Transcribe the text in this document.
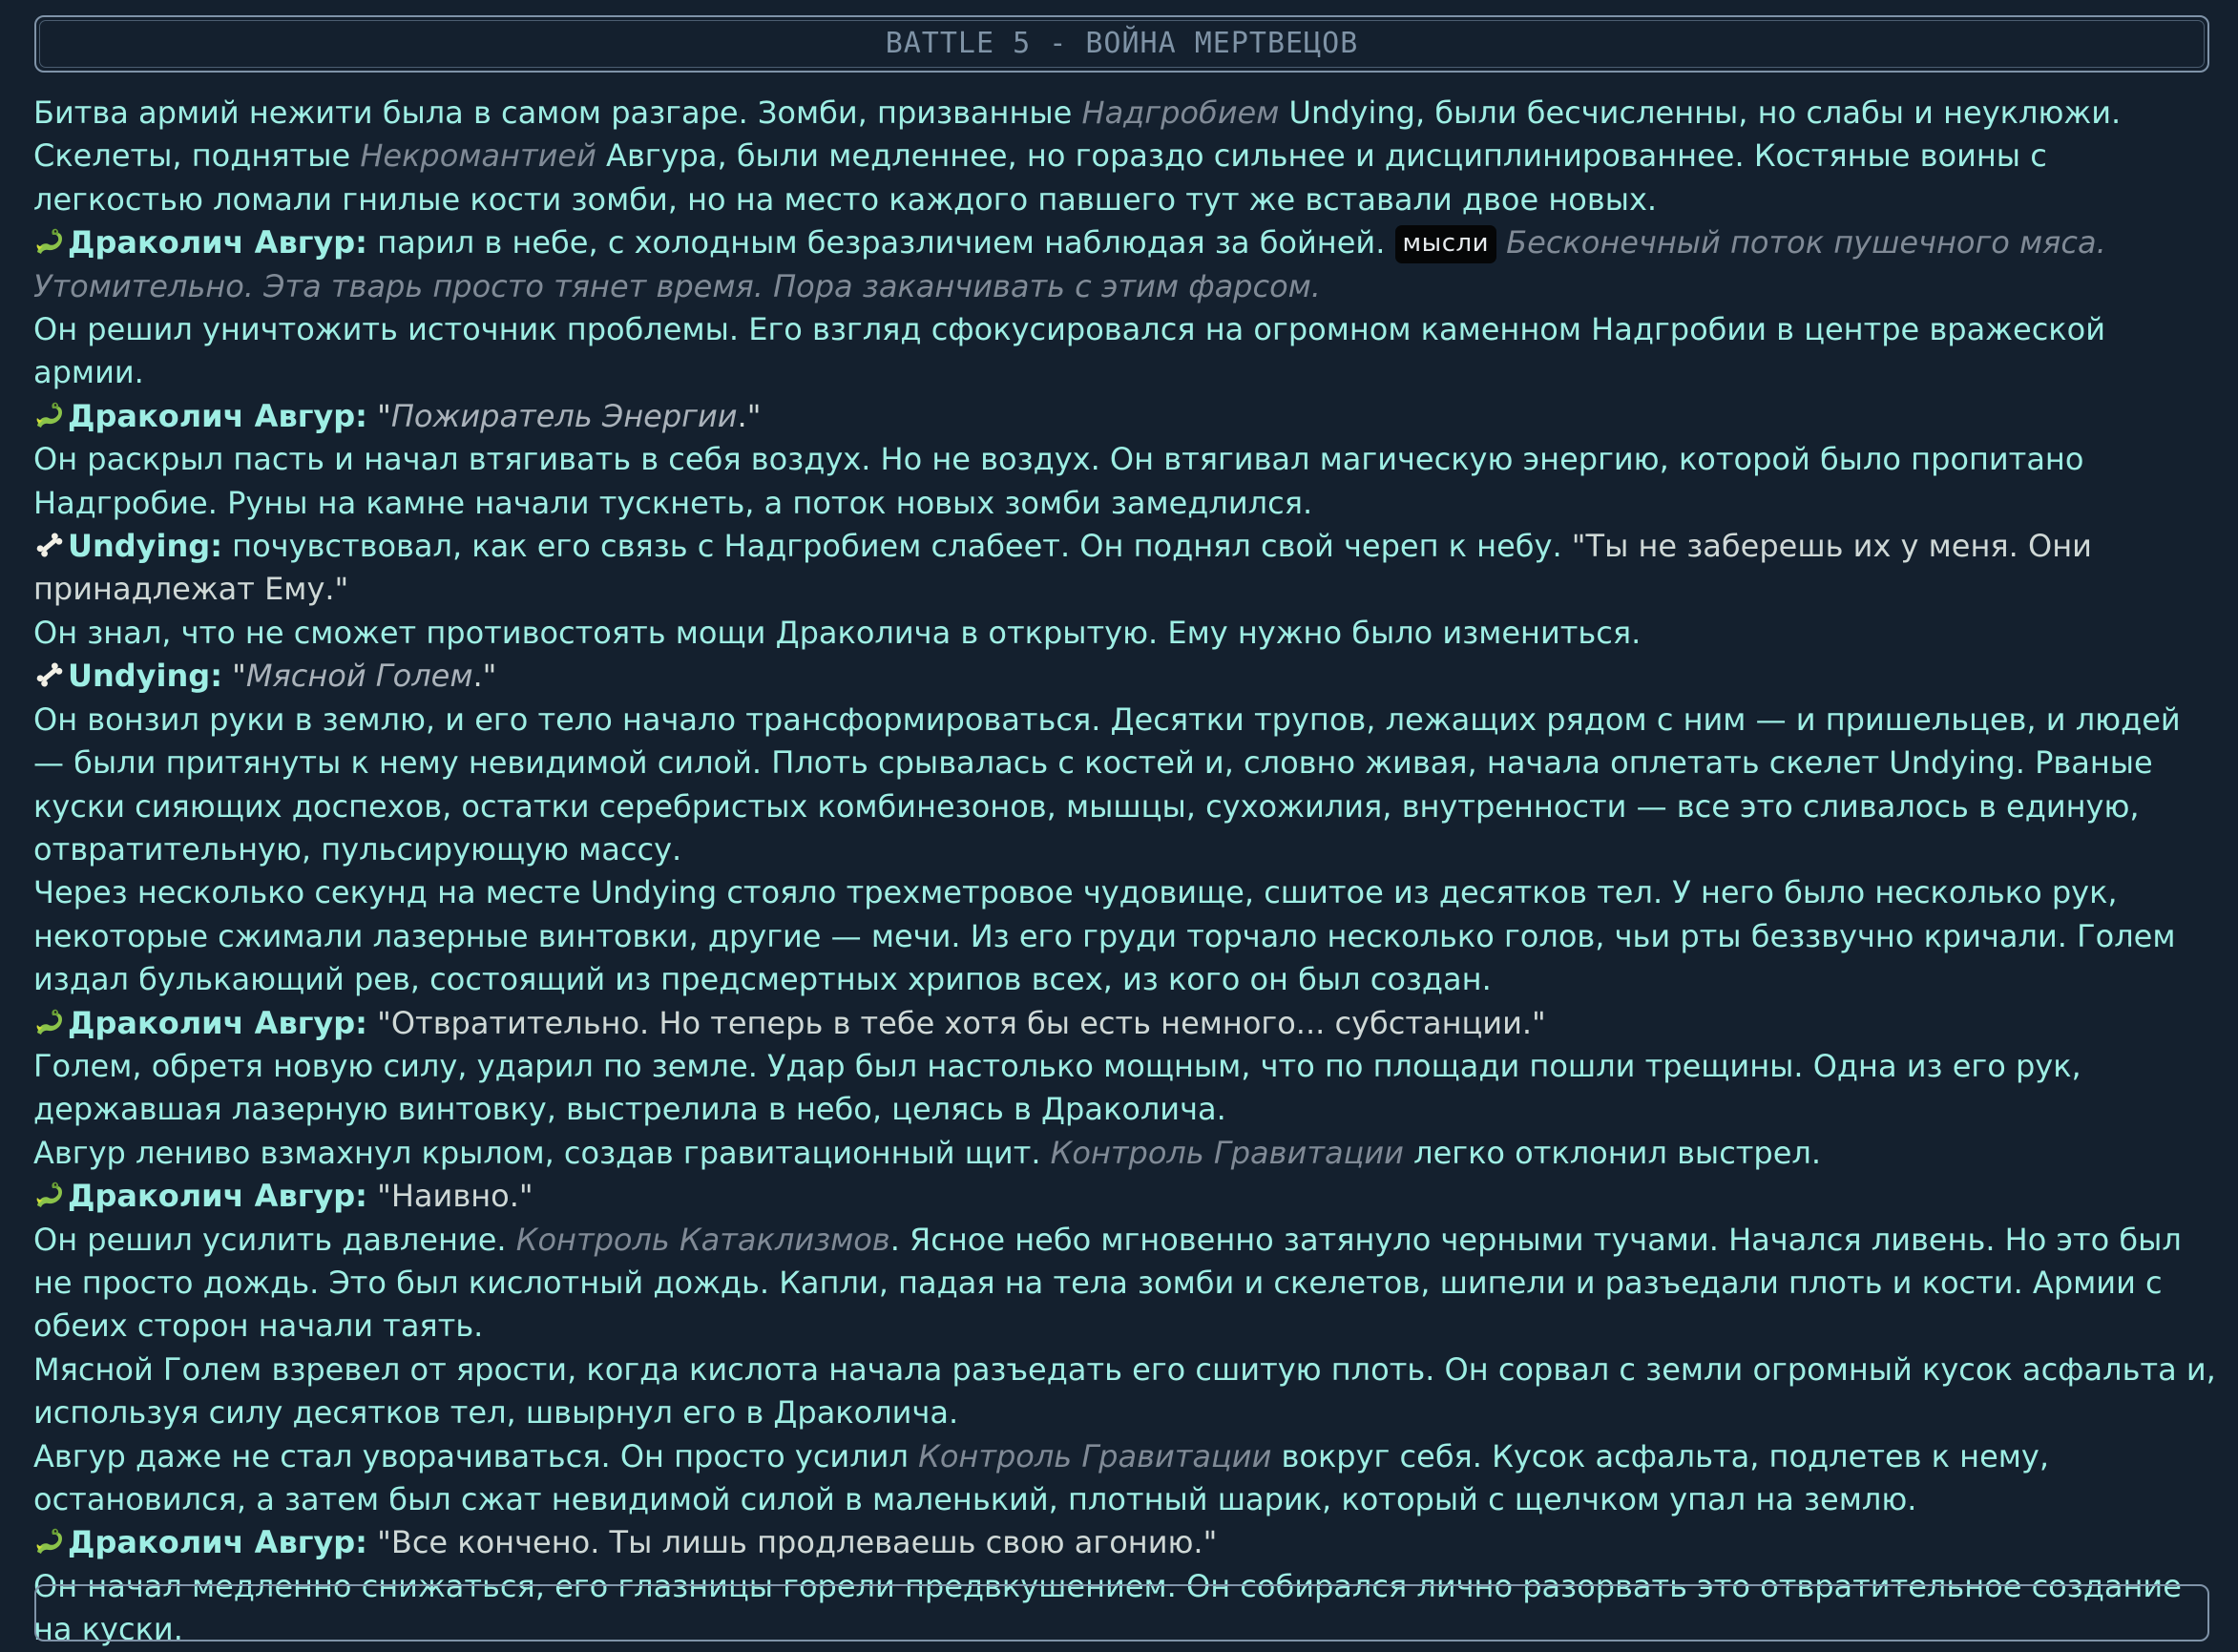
BATTLE 5 - ВОЙНА МЕРТВЕЦОВ

Битва армий нежити была в самом разгаре. Зомби, призванные Надгробием Undying, были бесчисленны, но слабы и неуклюжи. Скелеты, поднятые Некромантией Авгура, были медленнее, но гораздо сильнее и дисциплинированнее. Костяные воины с легкостью ломали гнилые кости зомби, но на место каждого павшего тут же вставали двое новых.

Драколич Авгур: парил в небе, с холодным безразличием наблюдая за бойней. мысли Бесконечный поток пушечного мяса. Утомительно. Эта тварь просто тянет время. Пора заканчивать с этим фарсом.

Он решил уничтожить источник проблемы. Его взгляд сфокусировался на огромном каменном Надгробии в центре вражеской армии.

Драколич Авгур: "Пожиратель Энергии."

Он раскрыл пасть и начал втягивать в себя воздух. Но не воздух. Он втягивал магическую энергию, которой было пропитано Надгробие. Руны на камне начали тускнеть, а поток новых зомби замедлился.

Undying: почувствовал, как его связь с Надгробием слабеет. Он поднял свой череп к небу. "Ты не заберешь их у меня. Они принадлежат Ему."

Он знал, что не сможет противостоять мощи Драколича в открытую. Ему нужно было измениться.

Undying: "Мясной Голем."

Он вонзил руки в землю, и его тело начало трансформироваться. Десятки трупов, лежащих рядом с ним — и пришельцев, и людей — были притянуты к нему невидимой силой. Плоть срывалась с костей и, словно живая, начала оплетать скелет Undying. Рваные куски сияющих доспехов, остатки серебристых комбинезонов, мышцы, сухожилия, внутренности — все это сливалось в единую, отвратительную, пульсирующую массу.

Через несколько секунд на месте Undying стояло трехметровое чудовище, сшитое из десятков тел. У него было несколько рук, некоторые сжимали лазерные винтовки, другие — мечи. Из его груди торчало несколько голов, чьи рты беззвучно кричали. Голем издал булькающий рев, состоящий из предсмертных хрипов всех, из кого он был создан.

Драколич Авгур: "Отвратительно. Но теперь в тебе хотя бы есть немного... субстанции."

Голем, обретя новую силу, ударил по земле. Удар был настолько мощным, что по площади пошли трещины. Одна из его рук, державшая лазерную винтовку, выстрелила в небо, целясь в Драколича.

Авгур лениво взмахнул крылом, создав гравитационный щит. Контроль Гравитации легко отклонил выстрел.

Драколич Авгур: "Наивно."

Он решил усилить давление. Контроль Катаклизмов. Ясное небо мгновенно затянуло черными тучами. Начался ливень. Но это был не просто дождь. Это был кислотный дождь. Капли, падая на тела зомби и скелетов, шипели и разъедали плоть и кости. Армии с обеих сторон начали таять.

Мясной Голем взревел от ярости, когда кислота начала разъедать его сшитую плоть. Он сорвал с земли огромный кусок асфальта и, используя силу десятков тел, швырнул его в Драколича.

Авгур даже не стал уворачиваться. Он просто усилил Контроль Гравитации вокруг себя. Кусок асфальта, подлетев к нему, остановился, а затем был сжат невидимой силой в маленький, плотный шарик, который с щелчком упал на землю.

Драколич Авгур: "Все кончено. Ты лишь продлеваешь свою агонию."

Он начал медленно снижаться, его глазницы горели предвкушением. Он собирался лично разорвать это отвратительное создание на куски.
